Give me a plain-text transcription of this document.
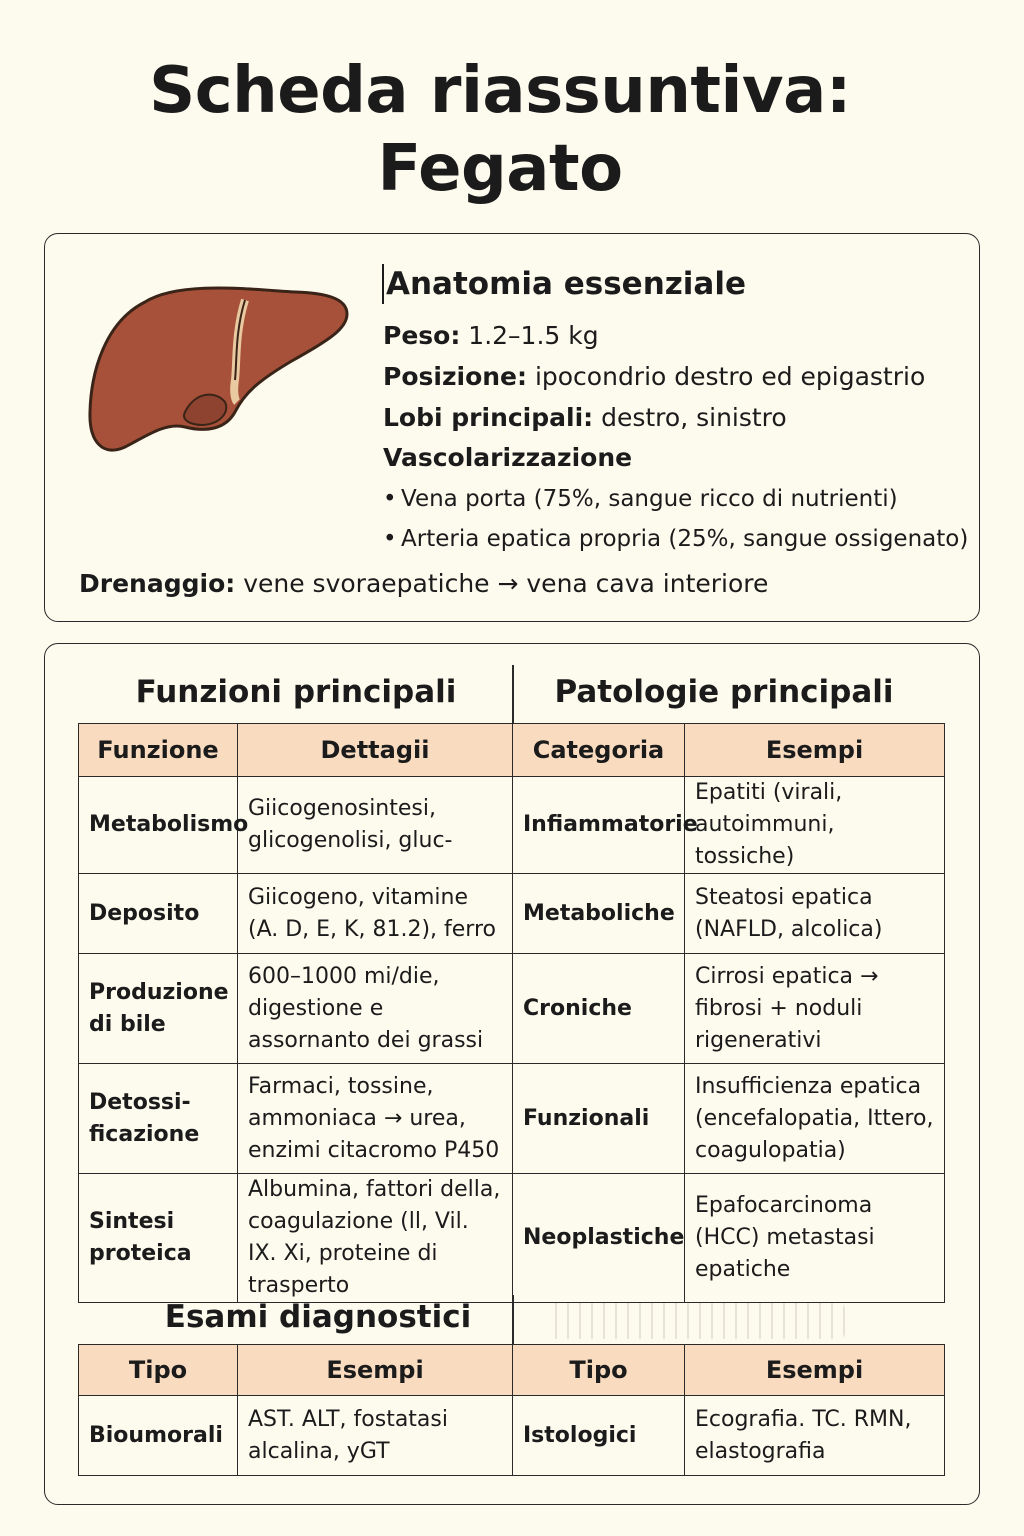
Scheda riassuntiva:
Fegato
Anatomia essenziale
Peso: 1.2–1.5 kg
Posizione: ipocondrio destro ed epigastrio
Lobi principali: destro, sinistro
Vascolarizzazione
• Vena porta (75%, sangue ricco di nutrienti)
• Arteria epatica propria (25%, sangue ossigenato)
Drenaggio: vene svoraepatiche → vena cava interiore
Funzioni principali	Patologie principali
Funzione	Dettagii	Categoria	Esempi
Metabolismo	Giicogenosintesi, glicogenolisi, gluc-	Infiammatorie	Epatiti (virali, autoimmuni, tossiche)
Deposito	Giicogeno, vitamine (A. D, E, K, 81.2), ferro	Metaboliche	Steatosi epatica (NAFLD, alcolica)
Produzione di bile	600–1000 mi/die, digestione e assornanto dei grassi	Croniche	Cirrosi epatica → fibrosi + noduli rigenerativi
Detossi-ficazione	Farmaci, tossine, ammoniaca → urea, enzimi citacromo P450	Funzionali	Insufficienza epatica (encefalopatia, Ittero, coagulopatia)
Sintesi proteica	Albumina, fattori della, coagulazione (ll, Vil. IX. Xi, proteine di trasperto	Neoplastiche	Epafocarcinoma (HCC) metastasi epatiche
Esami diagnostici
Tipo	Esempi	Tipo	Esempi
Bioumorali	AST. ALT, fostatasi alcalina, yGT	Istologici	Ecografia. TC. RMN, elastografia
